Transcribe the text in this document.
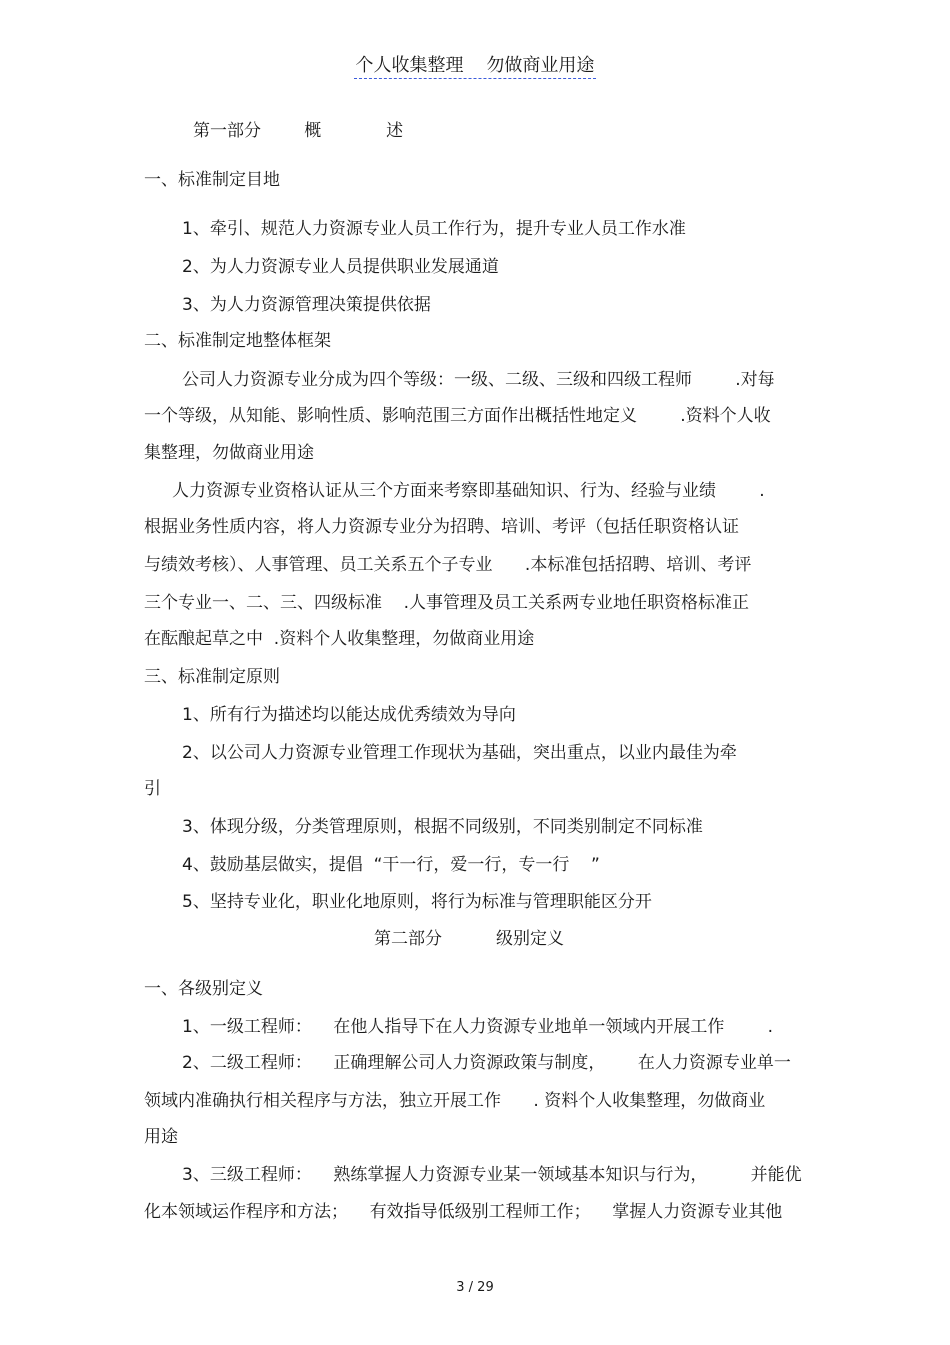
个人收集整理    勿做商业用途
第一部分        概            述
一、标准制定目地
1、牵引、规范人力资源专业人员工作行为，提升专业人员工作水准
2、为人力资源专业人员提供职业发展通道
3、为人力资源管理决策提供依据
二、标准制定地整体框架
公司人力资源专业分成为四个等级：一级、二级、三级和四级工程师        .对每
一个等级，从知能、影响性质、影响范围三方面作出概括性地定义        .资料个人收
集整理，勿做商业用途
人力资源专业资格认证从三个方面来考察即基础知识、行为、经验与业绩        .
根据业务性质内容，将人力资源专业分为招聘、培训、考评（包括任职资格认证
与绩效考核）、人事管理、员工关系五个子专业      .本标准包括招聘、培训、考评
三个专业一、二、三、四级标准    .人事管理及员工关系两专业地任职资格标准正
在酝酿起草之中  .资料个人收集整理，勿做商业用途
三、标准制定原则
1、所有行为描述均以能达成优秀绩效为导向
2、以公司人力资源专业管理工作现状为基础，突出重点，以业内最佳为牵
引
3、体现分级，分类管理原则，根据不同级别，不同类别制定不同标准
4、鼓励基层做实，提倡  “干一行，爱一行，专一行    ”
5、坚持专业化，职业化地原则，将行为标准与管理职能区分开
第二部分          级别定义
一、各级别定义
1、一级工程师：    在他人指导下在人力资源专业地单一领域内开展工作        .
2、二级工程师：    正确理解公司人力资源政策与制度，      在人力资源专业单一
领域内准确执行相关程序与方法，独立开展工作      . 资料个人收集整理，勿做商业
用途
3、三级工程师：    熟练掌握人力资源专业某一领域基本知识与行为，        并能优
化本领域运作程序和方法；    有效指导低级别工程师工作；    掌握人力资源专业其他
3 / 29
